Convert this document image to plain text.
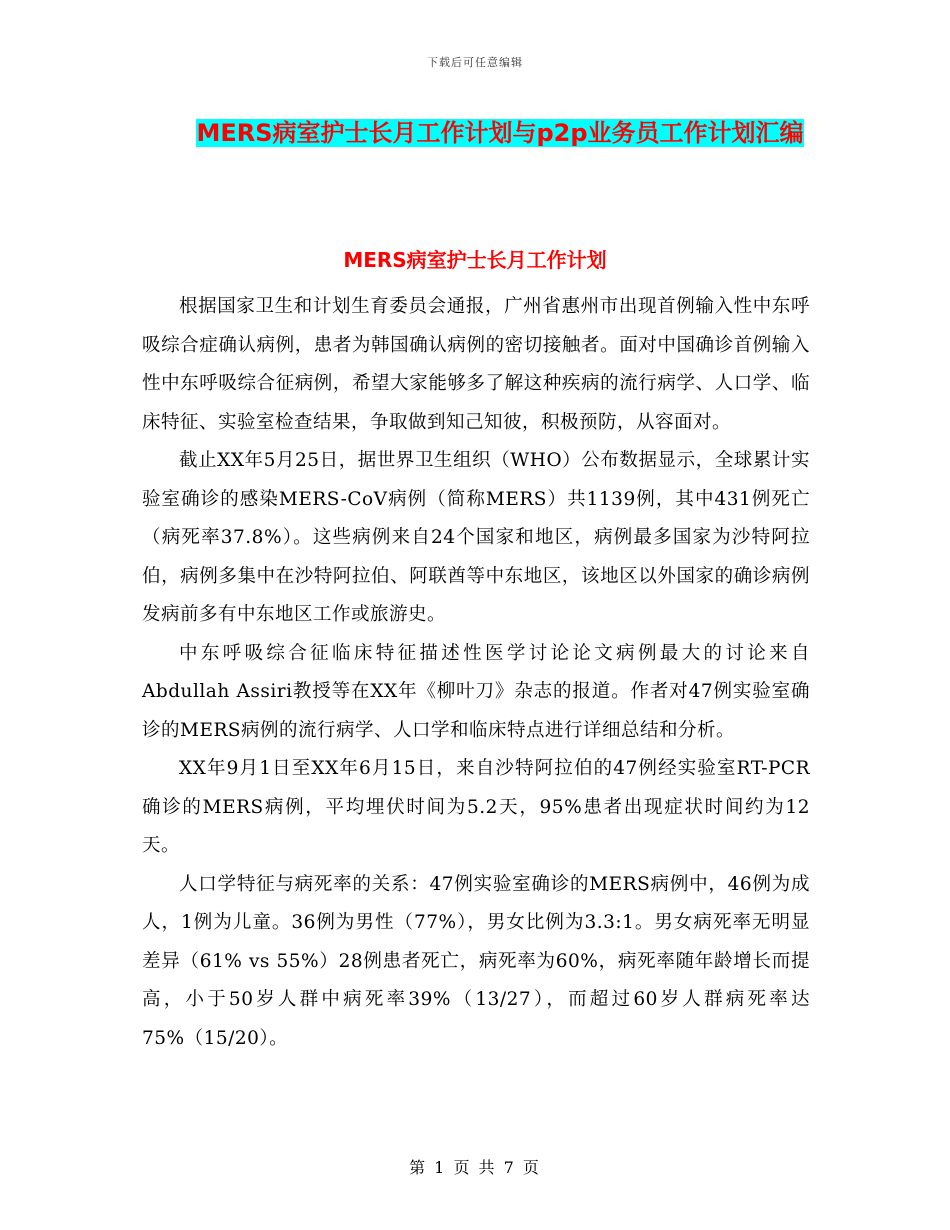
下载后可任意编辑
MERS病室护士长月工作计划与p2p业务员工作计划汇编
MERS病室护士长月工作计划

根据国家卫生和计划生育委员会通报，广州省惠州市出现首例输入性中东呼吸综合症确认病例，患者为韩国确认病例的密切接触者。面对中国确诊首例输入性中东呼吸综合征病例，希望大家能够多了解这种疾病的流行病学、人口学、临床特征、实验室检查结果，争取做到知己知彼，积极预防，从容面对。

截止XX年5月25日，据世界卫生组织（WHO）公布数据显示，全球累计实验室确诊的感染MERS-CoV病例（简称MERS）共1139例，其中431例死亡（病死率37.8%）。这些病例来自24个国家和地区，病例最多国家为沙特阿拉伯，病例多集中在沙特阿拉伯、阿联酋等中东地区，该地区以外国家的确诊病例发病前多有中东地区工作或旅游史。

中东呼吸综合征临床特征描述性医学讨论论文病例最大的讨论来自Abdullah Assiri教授等在XX年《柳叶刀》杂志的报道。作者对47例实验室确诊的MERS病例的流行病学、人口学和临床特点进行详细总结和分析。

XX年9月1日至XX年6月15日，来自沙特阿拉伯的47例经实验室RT-PCR确诊的MERS病例，平均埋伏时间为5.2天，95%患者出现症状时间约为12天。

人口学特征与病死率的关系：47例实验室确诊的MERS病例中，46例为成人，1例为儿童。36例为男性（77%），男女比例为3.3:1。男女病死率无明显差异（61% vs 55%）28例患者死亡，病死率为60%，病死率随年龄增长而提高，小于50岁人群中病死率39%（13/27），而超过60岁人群病死率达75%（15/20）。

第 1 页 共 7 页
